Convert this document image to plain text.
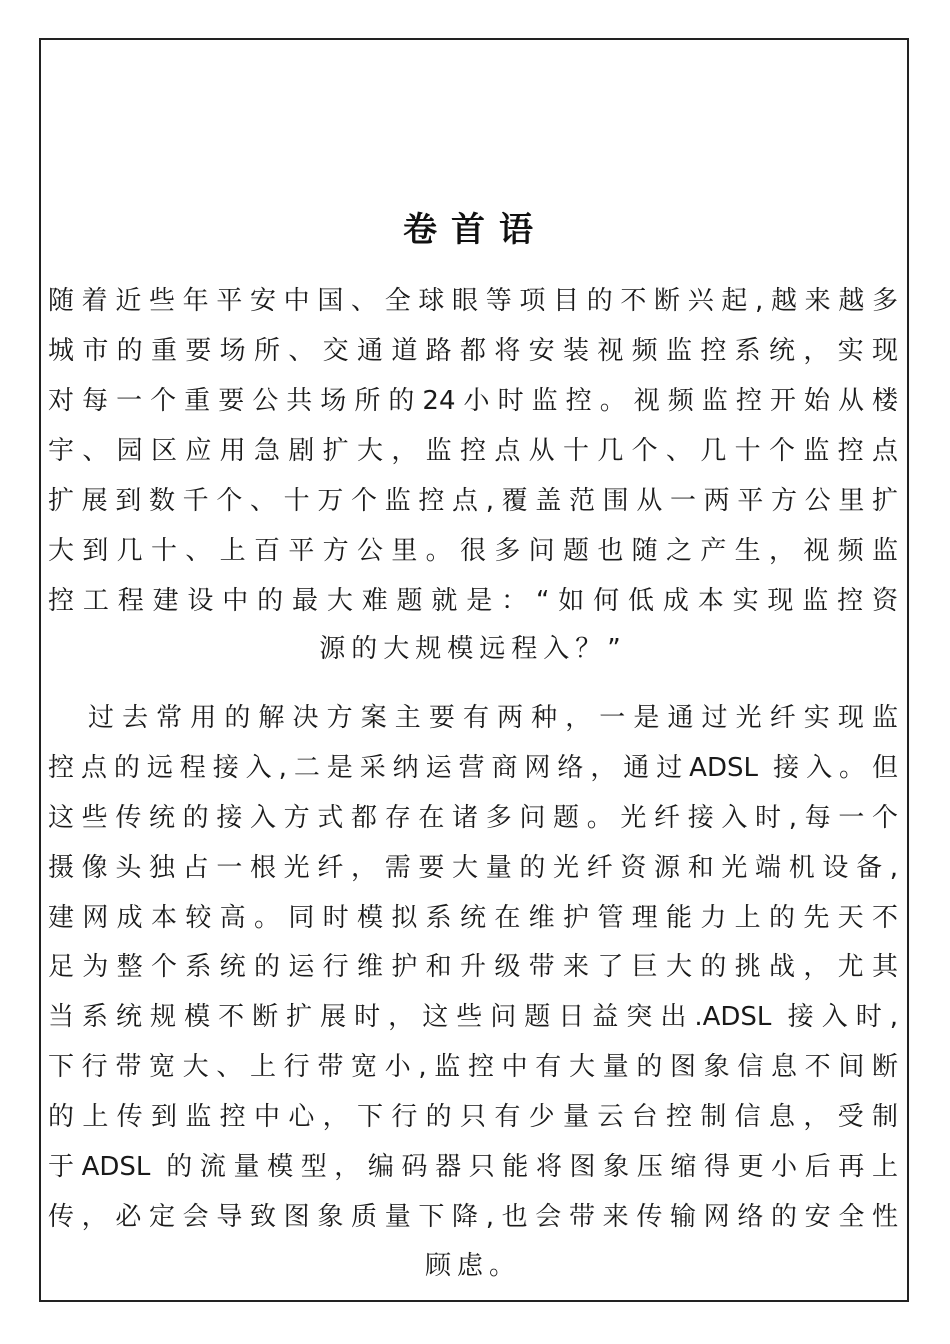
卷首语
随着近些年平安中国、全球眼等项目的不断兴起,越来越多
城市的重要场所、交通道路都将安装视频监控系统，实现
对每一个重要公共场所的24小时监控。视频监控开始从楼
宇、园区应用急剧扩大，监控点从十几个、几十个监控点
扩展到数千个、十万个监控点,覆盖范围从一两平方公里扩
大到几十、上百平方公里。很多问题也随之产生，视频监
控工程建设中的最大难题就是：“如何低成本实现监控资
源的大规模远程入？”
过去常用的解决方案主要有两种，一是通过光纤实现监
控点的远程接入,二是采纳运营商网络，通过ADSL 接入。但
这些传统的接入方式都存在诸多问题。光纤接入时,每一个
摄像头独占一根光纤，需要大量的光纤资源和光端机设备,
建网成本较高。同时模拟系统在维护管理能力上的先天不
足为整个系统的运行维护和升级带来了巨大的挑战，尤其
当系统规模不断扩展时，这些问题日益突出.ADSL 接入时,
下行带宽大、上行带宽小,监控中有大量的图象信息不间断
的上传到监控中心，下行的只有少量云台控制信息，受制
于ADSL 的流量模型，编码器只能将图象压缩得更小后再上
传，必定会导致图象质量下降,也会带来传输网络的安全性
顾虑。
